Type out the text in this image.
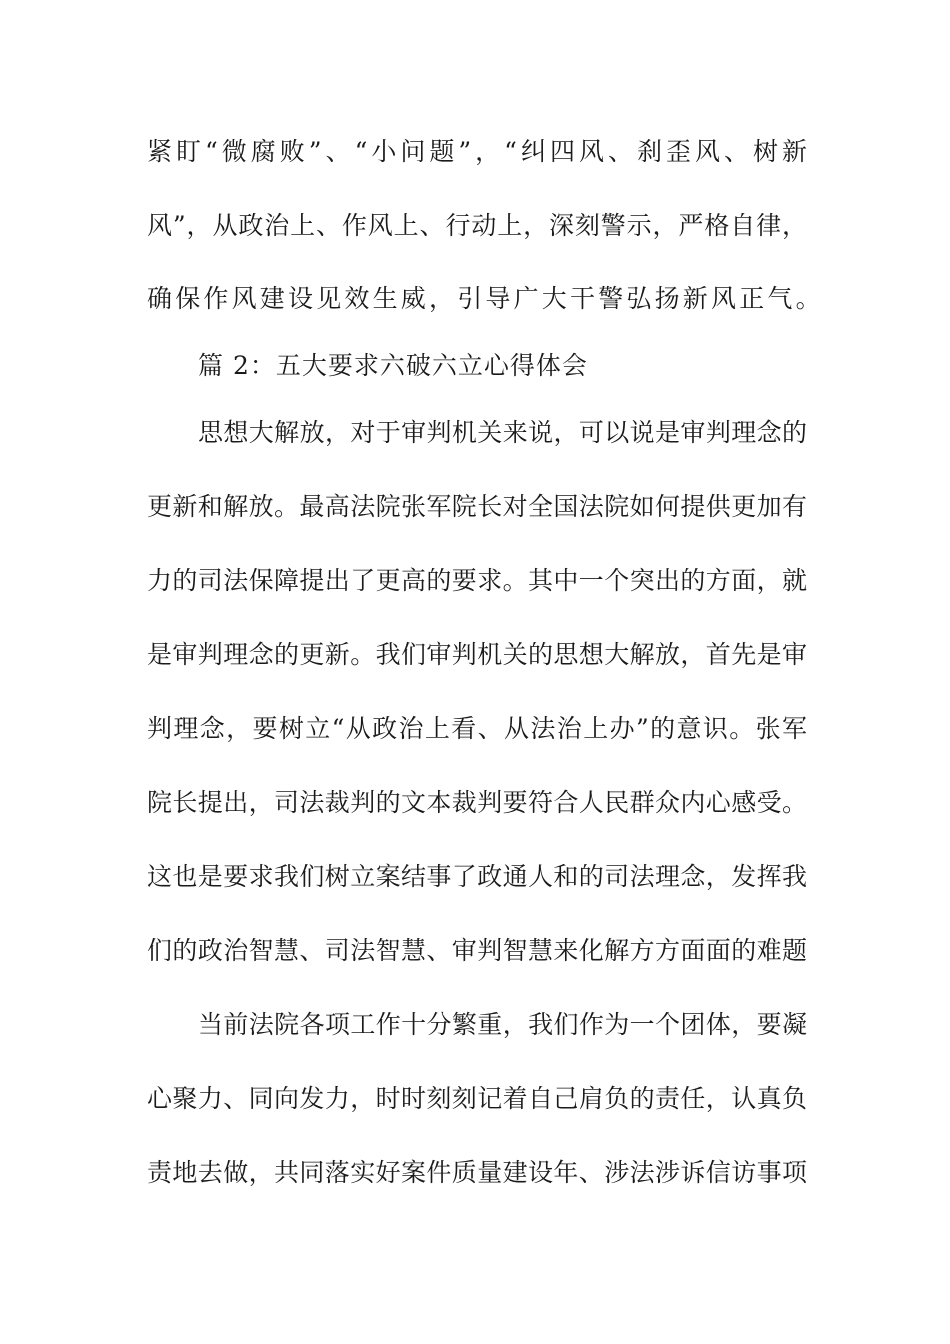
紧盯“微腐败”、“小问题”，“纠四风、刹歪风、树新
风”，从政治上、作风上、行动上，深刻警示，严格自律，
确保作风建设见效生威，引导广大干警弘扬新风正气。
篇 2：五大要求六破六立心得体会
思想大解放，对于审判机关来说，可以说是审判理念的
更新和解放。最高法院张军院长对全国法院如何提供更加有
力的司法保障提出了更高的要求。其中一个突出的方面，就
是审判理念的更新。我们审判机关的思想大解放，首先是审
判理念，要树立“从政治上看、从法治上办”的意识。张军
院长提出，司法裁判的文本裁判要符合人民群众内心感受。
这也是要求我们树立案结事了政通人和的司法理念，发挥我
们的政治智慧、司法智慧、审判智慧来化解方方面面的难题
当前法院各项工作十分繁重，我们作为一个团体，要凝
心聚力、同向发力，时时刻刻记着自己肩负的责任，认真负
责地去做，共同落实好案件质量建设年、涉法涉诉信访事项
